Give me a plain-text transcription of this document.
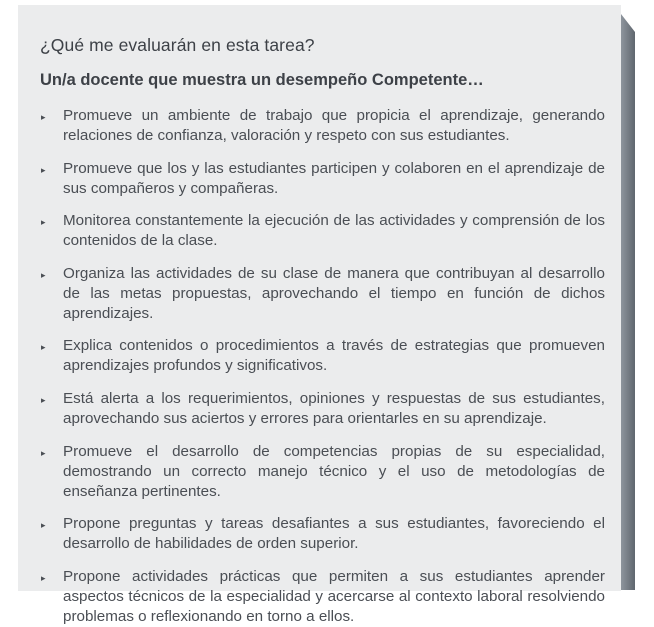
¿Qué me evaluarán en esta tarea?
Un/a docente que muestra un desempeño Competente…
▸ Promueve un ambiente de trabajo que propicia el aprendizaje, generando relaciones de confianza, valoración y respeto con sus estudiantes.
▸ Promueve que los y las estudiantes participen y colaboren en el aprendizaje de sus compañeros y compañeras.
▸ Monitorea constantemente la ejecución de las actividades y comprensión de los contenidos de la clase.
▸ Organiza las actividades de su clase de manera que contribuyan al desarrollo de las metas propuestas, aprovechando el tiempo en función de dichos aprendizajes.
▸ Explica contenidos o procedimientos a través de estrategias que promueven aprendizajes profundos y significativos.
▸ Está alerta a los requerimientos, opiniones y respuestas de sus estudiantes, aprovechando sus aciertos y errores para orientarles en su aprendizaje.
▸ Promueve el desarrollo de competencias propias de su especialidad, demostrando un correcto manejo técnico y el uso de metodologías de enseñanza pertinentes.
▸ Propone preguntas y tareas desafiantes a sus estudiantes, favoreciendo el desarrollo de habilidades de orden superior.
▸ Propone actividades prácticas que permiten a sus estudiantes aprender aspectos técnicos de la especialidad y acercarse al contexto laboral resolviendo problemas o reflexionando en torno a ellos.
